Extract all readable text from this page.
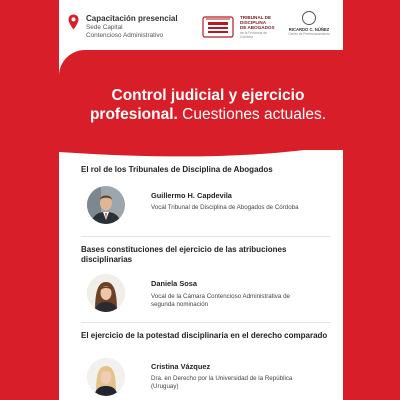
Capacitación presencial
Sede Capital
Contencioso Administrativo
TRIBUNAL DE
DISCIPLINA
DE ABOGADOS
de la Provincia de Córdoba
RICARDO C. NÚÑEZ
Centro de Perfeccionamiento
Control judicial y ejercicio profesional. Cuestiones actuales.
El rol de los Tribunales de Disciplina de Abogados
Guillermo H. Capdevila
Vocal Tribunal de Disciplina de Abogados de Córdoba
Bases constituciones del ejercicio de las atribuciones disciplinarias
Daniela Sosa
Vocal de la Cámara Contencioso Administrativa de segunda nominación
El ejercicio de la potestad disciplinaria en el derecho comparado
Cristina Vázquez
Dra. en Derecho por la Universidad de la República (Uruguay)
